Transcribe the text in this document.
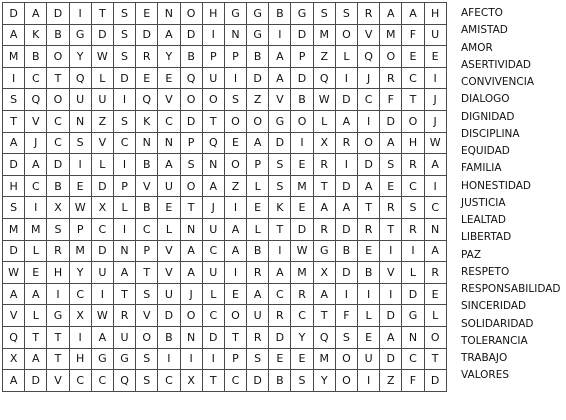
D	A	D	I	T	S	E	N	O	H	G	G	B	G	S	S	R	A	A	H
A	K	B	G	D	S	D	A	D	I	N	G	I	D	M	O	V	M	F	U
M	B	O	Y	W	S	R	Y	B	P	P	B	A	P	Z	L	Q	O	E	E
I	C	T	Q	L	D	E	E	Q	U	I	D	A	D	Q	I	J	R	C	I
S	Q	O	U	U	I	Q	V	O	O	S	Z	V	B	W	D	C	F	T	J
T	V	C	N	Z	S	K	C	D	T	O	O	G	O	L	A	I	D	O	J
A	J	C	S	V	C	N	N	P	Q	E	A	D	I	X	R	O	A	H	W
D	A	D	I	L	I	B	A	S	N	O	P	S	E	R	I	D	S	R	A
H	C	B	E	D	P	V	U	O	A	Z	L	S	M	T	D	A	E	C	I
S	I	X	W	X	L	B	E	T	J	I	E	K	E	A	A	T	R	S	C
M	M	S	P	C	I	C	L	N	U	A	L	T	D	R	D	R	T	R	N
D	L	R	M	D	N	P	V	A	C	A	B	I	W	G	B	E	I	I	A
W	E	H	Y	U	A	T	V	A	U	I	R	A	M	X	D	B	V	L	R
A	A	I	C	I	T	S	U	J	L	E	A	C	R	A	I	I	I	D	E
V	L	G	X	W	R	V	D	O	C	O	U	R	C	T	F	L	D	G	L
Q	T	T	I	A	U	O	B	N	D	T	R	D	Y	Q	S	E	A	N	O
X	A	T	H	G	G	S	I	I	I	P	S	E	E	M	O	U	D	C	T
A	D	V	C	C	Q	S	C	X	T	C	D	B	S	Y	O	I	Z	F	D
AFECTO
AMISTAD
AMOR
ASERTIVIDAD
CONVIVENCIA
DIALOGO
DIGNIDAD
DISCIPLINA
EQUIDAD
FAMILIA
HONESTIDAD
JUSTICIA
LEALTAD
LIBERTAD
PAZ
RESPETO
RESPONSABILIDAD
SINCERIDAD
SOLIDARIDAD
TOLERANCIA
TRABAJO
VALORES
